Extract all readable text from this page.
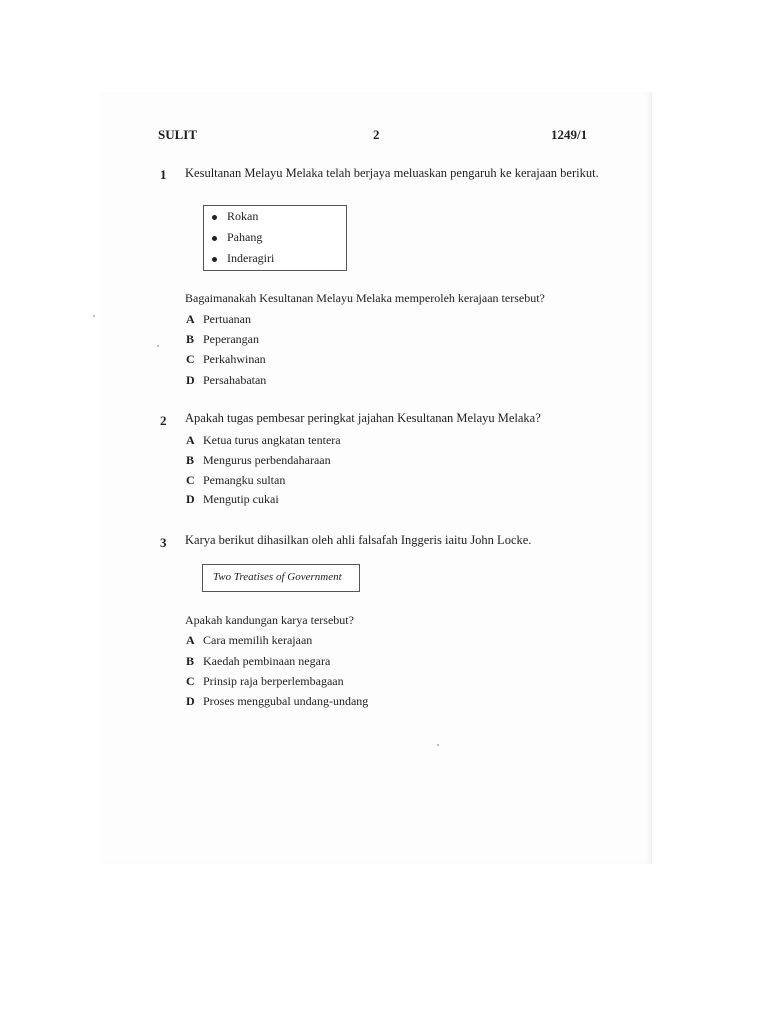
SULIT	2	1249/1
1 Kesultanan Melayu Melaka telah berjaya meluaskan pengaruh ke kerajaan berikut.
Rokan
Pahang
Inderagiri
Bagaimanakah Kesultanan Melayu Melaka memperoleh kerajaan tersebut?
A Pertuanan
B Peperangan
C Perkahwinan
D Persahabatan
2 Apakah tugas pembesar peringkat jajahan Kesultanan Melayu Melaka?
A Ketua turus angkatan tentera
B Mengurus perbendaharaan
C Pemangku sultan
D Mengutip cukai
3 Karya berikut dihasilkan oleh ahli falsafah Inggeris iaitu John Locke.
Two Treatises of Government
Apakah kandungan karya tersebut?
A Cara memilih kerajaan
B Kaedah pembinaan negara
C Prinsip raja berperlembagaan
D Proses menggubal undang-undang
